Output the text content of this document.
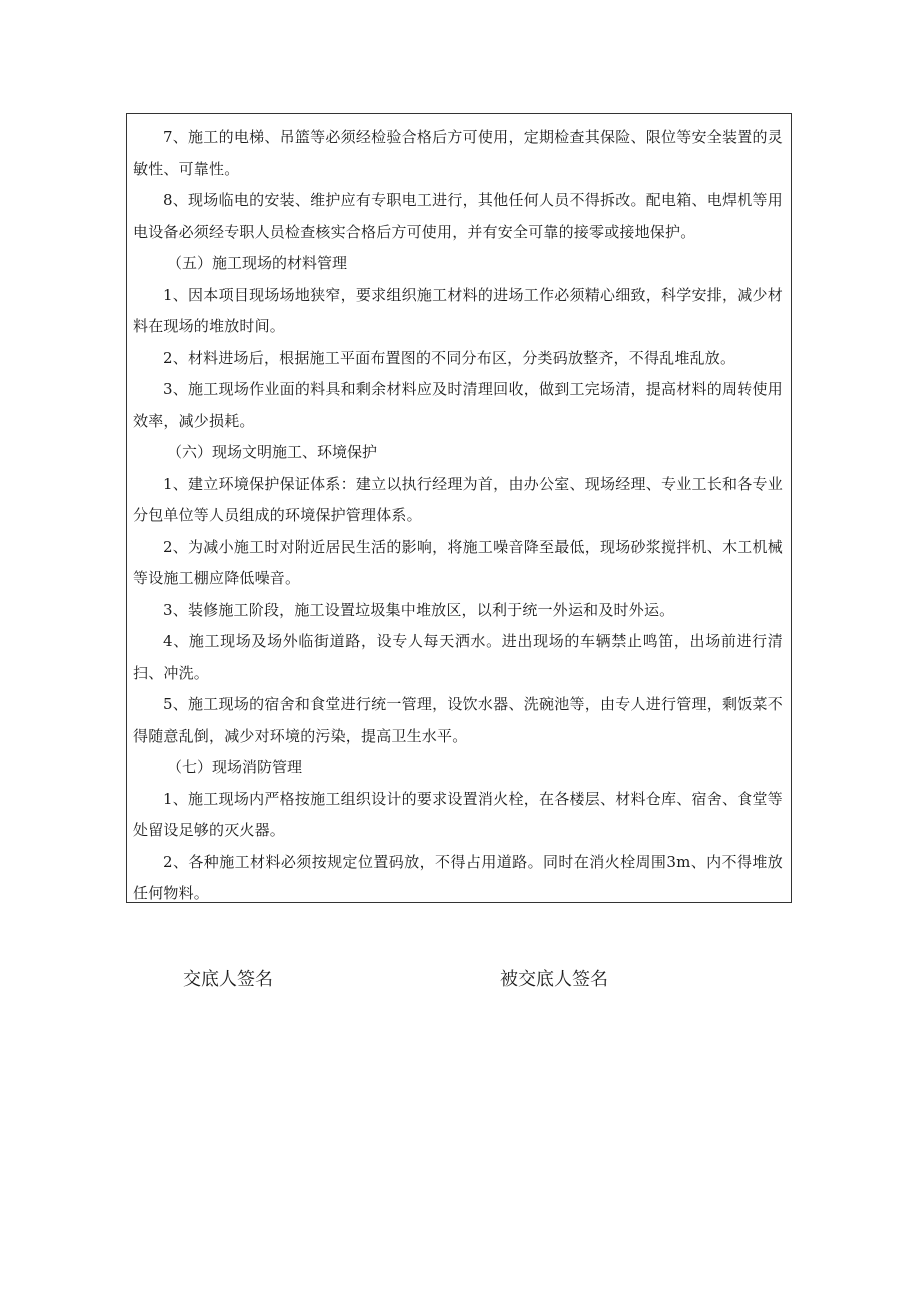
7、施工的电梯、吊篮等必须经检验合格后方可使用，定期检查其保险、限位等安全装置的灵敏性、可靠性。

8、现场临电的安装、维护应有专职电工进行，其他任何人员不得拆改。配电箱、电焊机等用电设备必须经专职人员检查核实合格后方可使用，并有安全可靠的接零或接地保护。

（五）施工现场的材料管理

1、因本项目现场场地狭窄，要求组织施工材料的进场工作必须精心细致，科学安排，减少材料在现场的堆放时间。

2、材料进场后，根据施工平面布置图的不同分布区，分类码放整齐，不得乱堆乱放。

3、施工现场作业面的料具和剩余材料应及时清理回收，做到工完场清，提高材料的周转使用效率，减少损耗。

（六）现场文明施工、环境保护

1、建立环境保护保证体系：建立以执行经理为首，由办公室、现场经理、专业工长和各专业分包单位等人员组成的环境保护管理体系。

2、为减小施工时对附近居民生活的影响，将施工噪音降至最低，现场砂浆搅拌机、木工机械等设施工棚应降低噪音。

3、装修施工阶段，施工设置垃圾集中堆放区，以利于统一外运和及时外运。

4、施工现场及场外临街道路，设专人每天洒水。进出现场的车辆禁止鸣笛，出场前进行清扫、冲洗。

5、施工现场的宿舍和食堂进行统一管理，设饮水器、洗碗池等，由专人进行管理，剩饭菜不得随意乱倒，减少对环境的污染，提高卫生水平。

（七）现场消防管理

1、施工现场内严格按施工组织设计的要求设置消火栓，在各楼层、材料仓库、宿舍、食堂等处留设足够的灭火器。

2、各种施工材料必须按规定位置码放，不得占用道路。同时在消火栓周围3m、内不得堆放任何物料。

交底人签名	被交底人签名
